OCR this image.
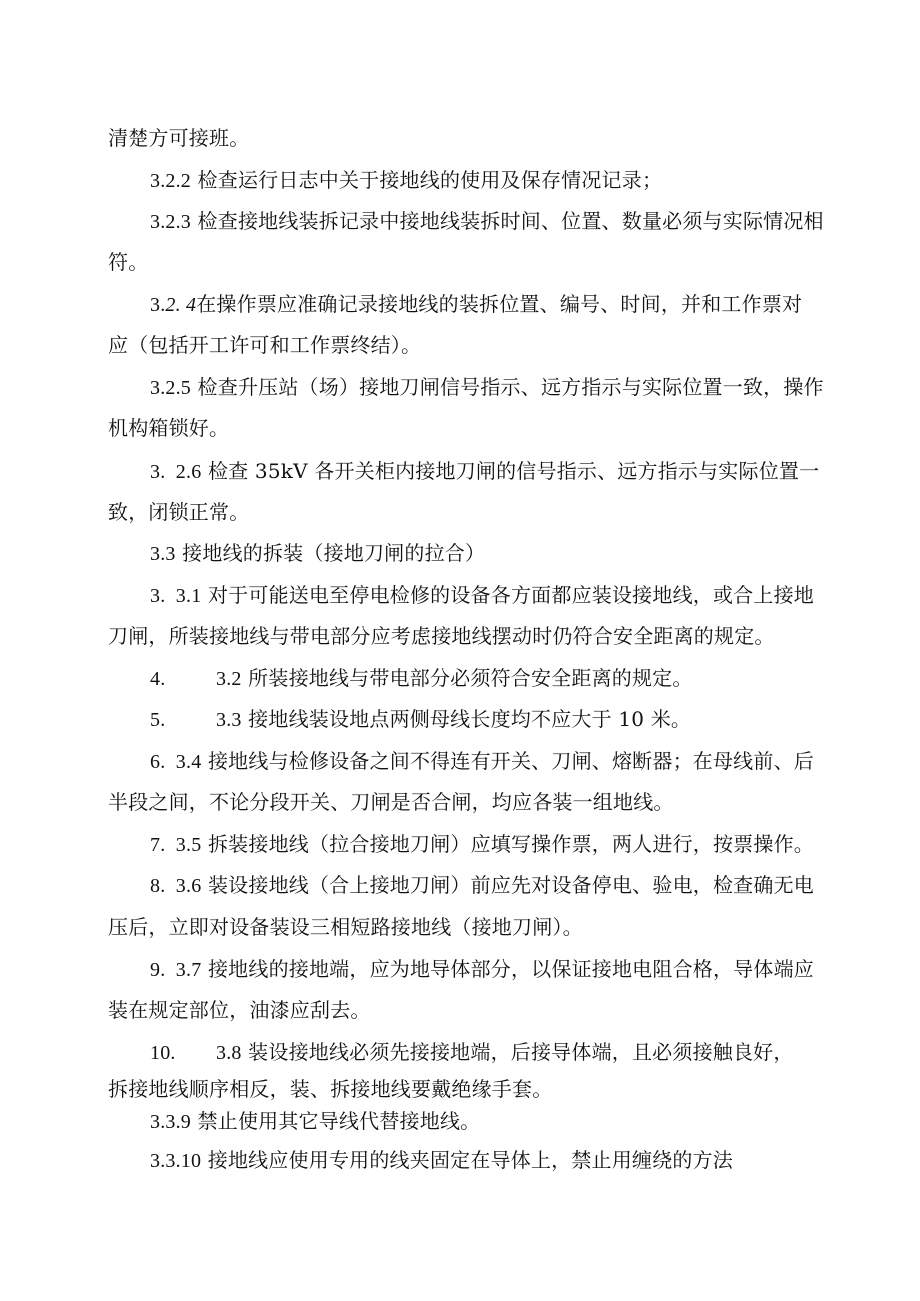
清楚方可接班。
3.2.2 检查运行日志中关于接地线的使用及保存情况记录；
3.2.3 检查接地线装拆记录中接地线装拆时间、位置、数量必须与实际情况相
符。
3.2. 4在操作票应准确记录接地线的装拆位置、编号、时间，并和工作票对
应（包括开工许可和工作票终结）。
3.2.5 检查升压站（场）接地刀闸信号指示、远方指示与实际位置一致，操作
机构箱锁好。
3.  2.6 检查 35kV 各开关柜内接地刀闸的信号指示、远方指示与实际位置一
致，闭锁正常。
3.3 接地线的拆装（接地刀闸的拉合）
3.  3.1 对于可能送电至停电检修的设备各方面都应装设接地线，或合上接地
刀闸，所装接地线与带电部分应考虑接地线摆动时仍符合安全距离的规定。
4.	3.2 所装接地线与带电部分必须符合安全距离的规定。
5.	3.3 接地线装设地点两侧母线长度均不应大于 10 米。
6.  3.4 接地线与检修设备之间不得连有开关、刀闸、熔断器；在母线前、后
半段之间，不论分段开关、刀闸是否合闸，均应各装一组地线。
7.  3.5 拆装接地线（拉合接地刀闸）应填写操作票，两人进行，按票操作。
8.  3.6 装设接地线（合上接地刀闸）前应先对设备停电、验电，检查确无电
压后，立即对设备装设三相短路接地线（接地刀闸）。
9.  3.7 接地线的接地端，应为地导体部分，以保证接地电阻合格，导体端应
装在规定部位，油漆应刮去。
10. 3.8 装设接地线必须先接接地端，后接导体端，且必须接触良好，
拆接地线顺序相反，装、拆接地线要戴绝缘手套。
3.3.9 禁止使用其它导线代替接地线。
3.3.10 接地线应使用专用的线夹固定在导体上，禁止用缠绕的方法
